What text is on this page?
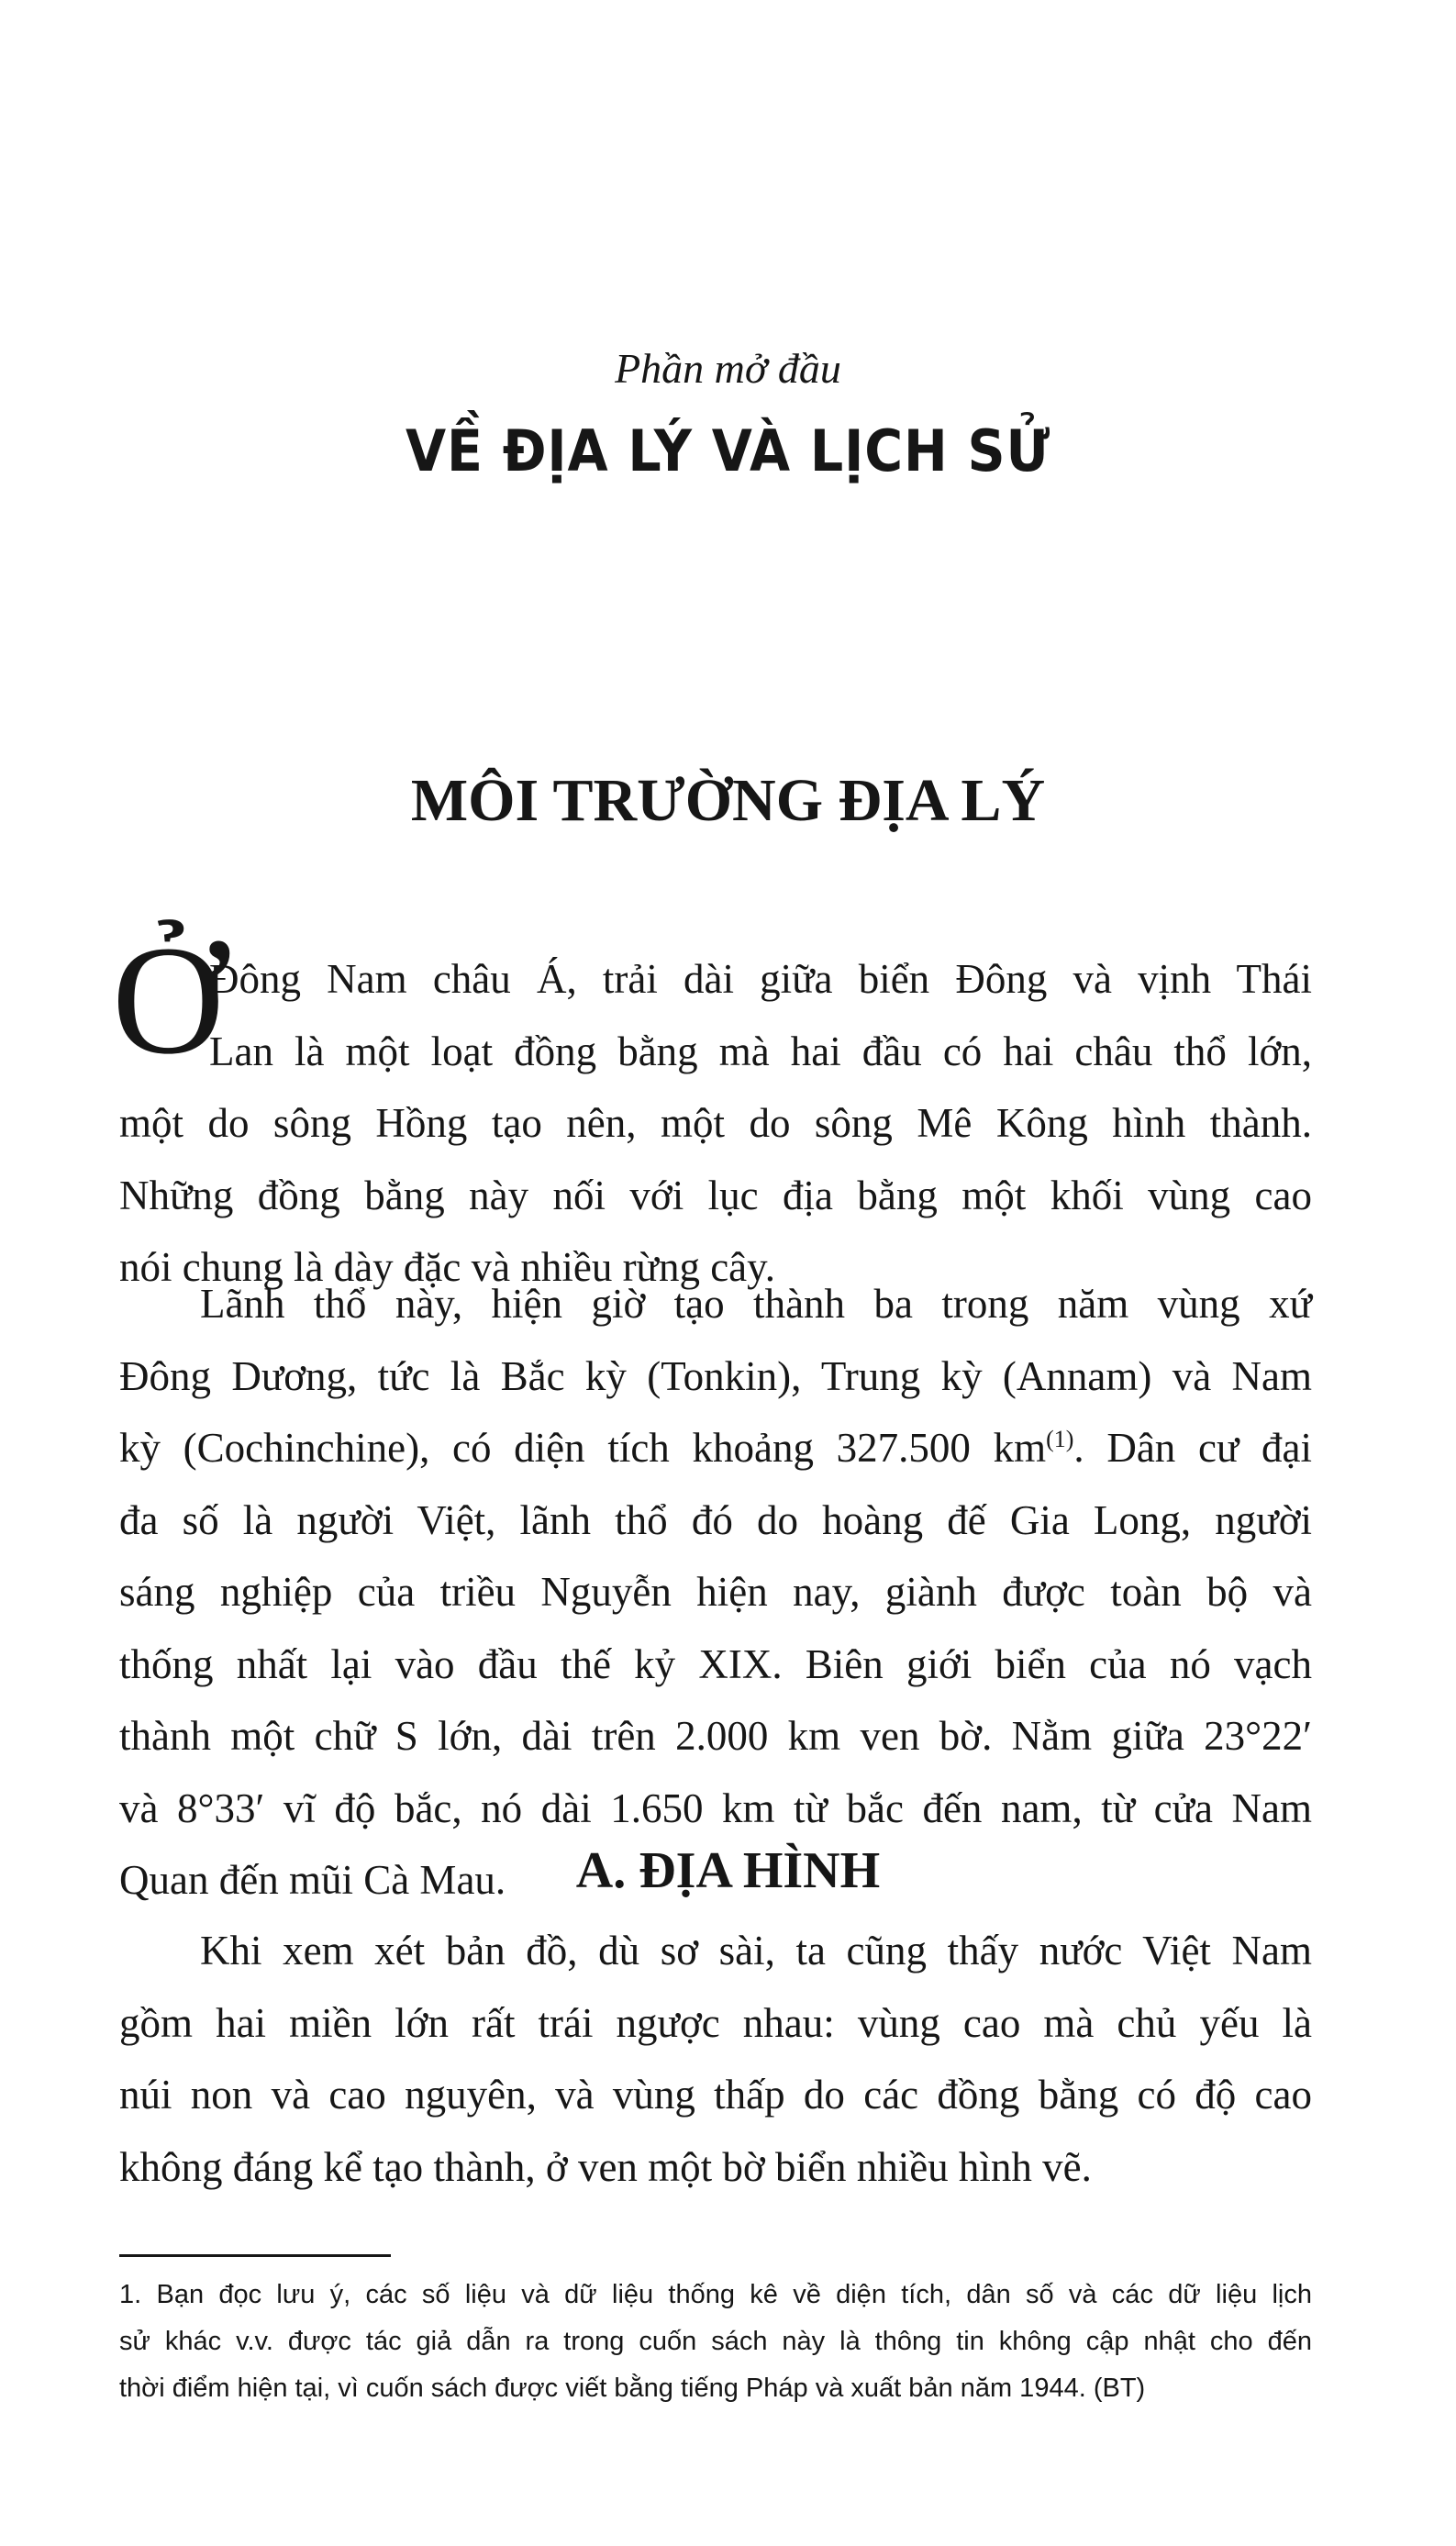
Phần mở đầu
VỀ ĐỊA LÝ VÀ LỊCH SỬ
MÔI TRƯỜNG ĐỊA LÝ
Ở
Đông Nam châu Á, trải dài giữa biển Đông và vịnh Thái
Lan là một loạt đồng bằng mà hai đầu có hai châu thổ lớn,
một do sông Hồng tạo nên, một do sông Mê Kông hình thành.
Những đồng bằng này nối với lục địa bằng một khối vùng cao
nói chung là dày đặc và nhiều rừng cây.
Lãnh thổ này, hiện giờ tạo thành ba trong năm vùng xứ
Đông Dương, tức là Bắc kỳ (Tonkin), Trung kỳ (Annam) và Nam
kỳ (Cochinchine), có diện tích khoảng 327.500 $km^{(1)}$. Dân cư đại
đa số là người Việt, lãnh thổ đó do hoàng đế Gia Long, người
sáng nghiệp của triều Nguyễn hiện nay, giành được toàn bộ và
thống nhất lại vào đầu thế kỷ XIX. Biên giới biển của nó vạch
thành một chữ S lớn, dài trên 2.000 km ven bờ. Nằm giữa 23°22′
và 8°33′ vĩ độ bắc, nó dài 1.650 km từ bắc đến nam, từ cửa Nam
Quan đến mũi Cà Mau.	A. ĐỊA HÌNH
Khi xem xét bản đồ, dù sơ sài, ta cũng thấy nước Việt Nam
gồm hai miền lớn rất trái ngược nhau: vùng cao mà chủ yếu là
núi non và cao nguyên, và vùng thấp do các đồng bằng có độ cao
không đáng kể tạo thành, ở ven một bờ biển nhiều hình vẽ.
1. Bạn đọc lưu ý, các số liệu và dữ liệu thống kê về diện tích, dân số và các dữ liệu lịch
sử khác v.v. được tác giả dẫn ra trong cuốn sách này là thông tin không cập nhật cho đến
thời điểm hiện tại, vì cuốn sách được viết bằng tiếng Pháp và xuất bản năm 1944. (BT)
